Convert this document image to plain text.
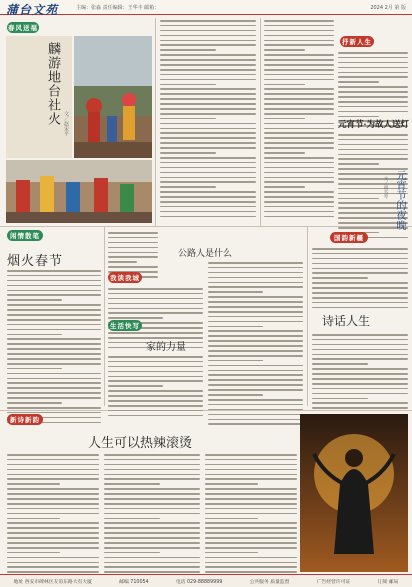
蒲台文苑	主编：张淼 责任编辑：王华丰 邮箱：	2024 2月 第 版
春风送福
麟游地台社火 文／赵宋平
抒新人生
元宵节·为故人送灯
元宵节的夜晚
文／胡雪琴
闲情散笔
烟火春节
我读我城
公路人是什么
生活快写
家的力量
国韵新疆
诗话人生
新诗新韵
人生可以热辣滚烫
地址 西安市碑林区友谊东路大有大厦	邮编 710054	电话 029-88889999	公共服务 质量监督	广告经营许可证	订阅 邮局
